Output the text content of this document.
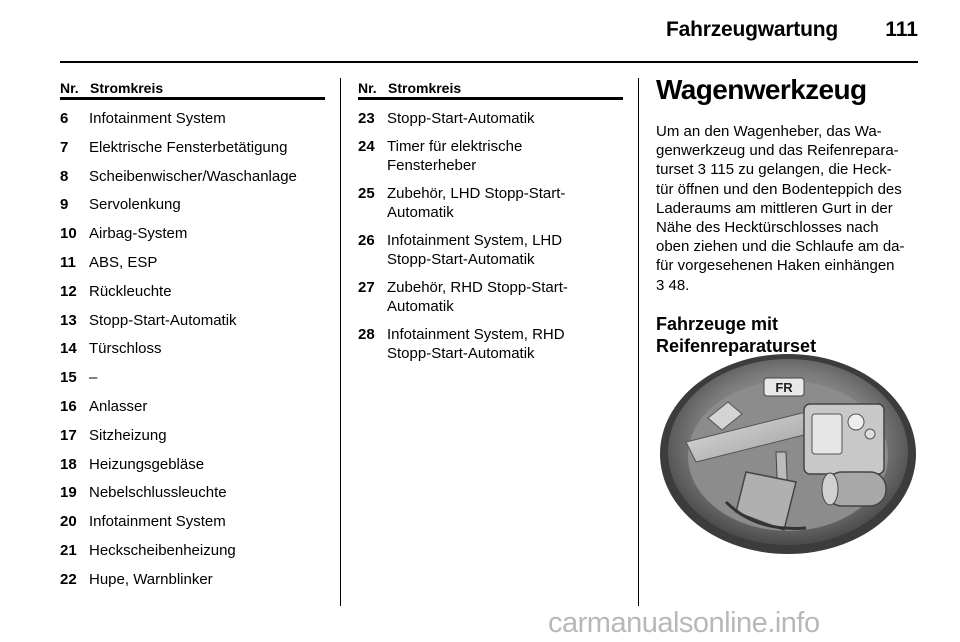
Fahrzeugwartung 111
Nr. Stromkreis
6	Infotainment System
7	Elektrische Fensterbetätigung
8	Scheibenwischer/Waschanlage
9	Servolenkung
10 Airbag-System
11 ABS, ESP
12 Rückleuchte
13 Stopp-Start-Automatik
14 Türschloss
15 –
16 Anlasser
17 Sitzheizung
18 Heizungsgebläse
19 Nebelschlussleuchte
20 Infotainment System
21 Heckscheibenheizung
22 Hupe, Warnblinker
Nr. Stromkreis
23 Stopp-Start-Automatik
24 Timer für elektrische
Fensterheber
25 Zubehör, LHD Stopp-Start-
Automatik
26 Infotainment System, LHD
Stopp-Start-Automatik
27 Zubehör, RHD Stopp-Start-
Automatik
28 Infotainment System, RHD
Stopp-Start-Automatik
Wagenwerkzeug

Um an den Wagenheber, das Wa-
genwerkzeug und das Reifenrepara-
turset 3 115 zu gelangen, die Heck-
tür öffnen und den Bodenteppich des
Laderaums am mittleren Gurt in der
Nähe des Hecktürschlosses nach
oben ziehen und die Schlaufe am da-
für vorgesehenen Haken einhängen
3 48.

Fahrzeuge mit
Reifenreparaturset
FR
carmanualsonline.info
